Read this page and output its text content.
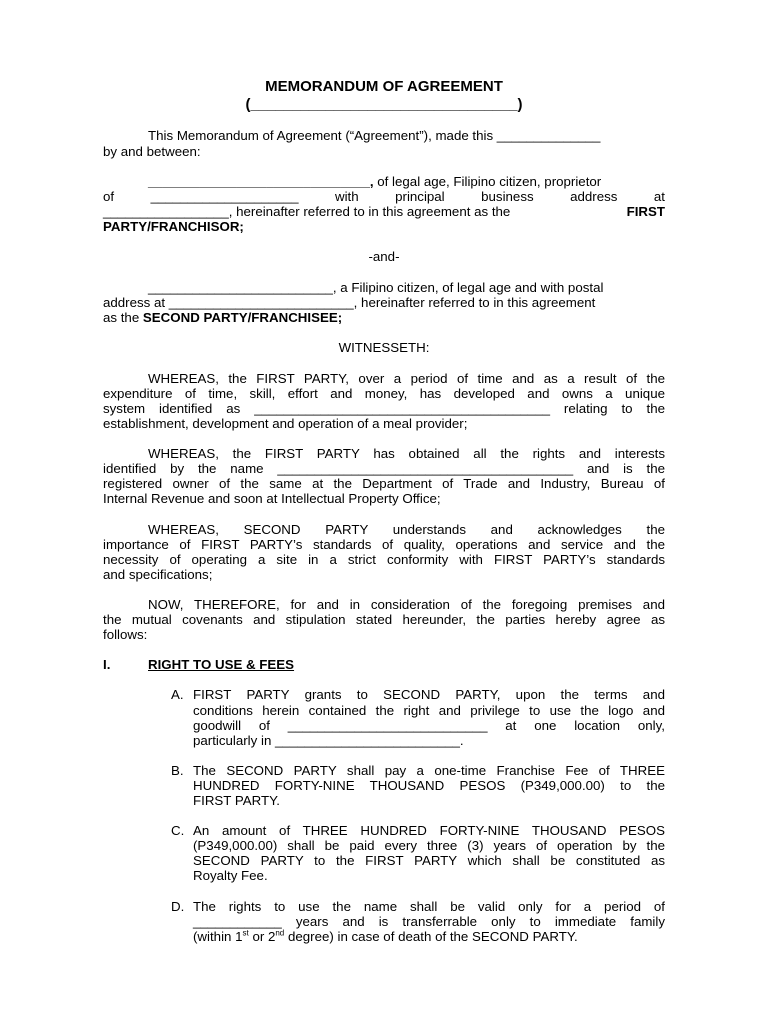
MEMORANDUM OF AGREEMENT
(________________________________)
This Memorandum of Agreement (“Agreement”), made this ______________
by and between:
______________________________, of legal age, Filipino citizen, proprietor
of ____________________ with principal business address at
_________________, hereinafter referred to in this agreement as the	FIRST
PARTY/FRANCHISOR;
-and-
_________________________, a Filipino citizen, of legal age and with postal
address at _________________________, hereinafter referred to in this agreement
as the SECOND PARTY/FRANCHISEE;
WITNESSETH:
WHEREAS, the FIRST PARTY, over a period of time and as a result of the
expenditure of time, skill, effort and money, has developed and owns a unique
system identified as ________________________________________ relating to the
establishment, development and operation of a meal provider;
WHEREAS, the FIRST PARTY has obtained all the rights and interests
identified by the name ________________________________________ and is the
registered owner of the same at the Department of Trade and Industry, Bureau of
Internal Revenue and soon at Intellectual Property Office;
WHEREAS, SECOND PARTY understands and acknowledges the
importance of FIRST PARTY’s standards of quality, operations and service and the
necessity of operating a site in a strict conformity with FIRST PARTY’s standards
and specifications;
NOW, THEREFORE, for and in consideration of the foregoing premises and
the mutual covenants and stipulation stated hereunder, the parties hereby agree as
follows:
I.	RIGHT TO USE & FEES
A. FIRST PARTY grants to SECOND PARTY, upon the terms and
conditions herein contained the right and privilege to use the logo and
goodwill of ___________________________ at one location only,
particularly in _________________________.
B. The SECOND PARTY shall pay a one-time Franchise Fee of THREE
HUNDRED FORTY-NINE THOUSAND PESOS (P349,000.00) to the
FIRST PARTY.
C. An amount of THREE HUNDRED FORTY-NINE THOUSAND PESOS
(P349,000.00) shall be paid every three (3) years of operation by the
SECOND PARTY to the FIRST PARTY which shall be constituted as
Royalty Fee.
D. The rights to use the name shall be valid only for a period of
____________ years and is transferrable only to immediate family
(within 1st or 2nd degree) in case of death of the SECOND PARTY.
